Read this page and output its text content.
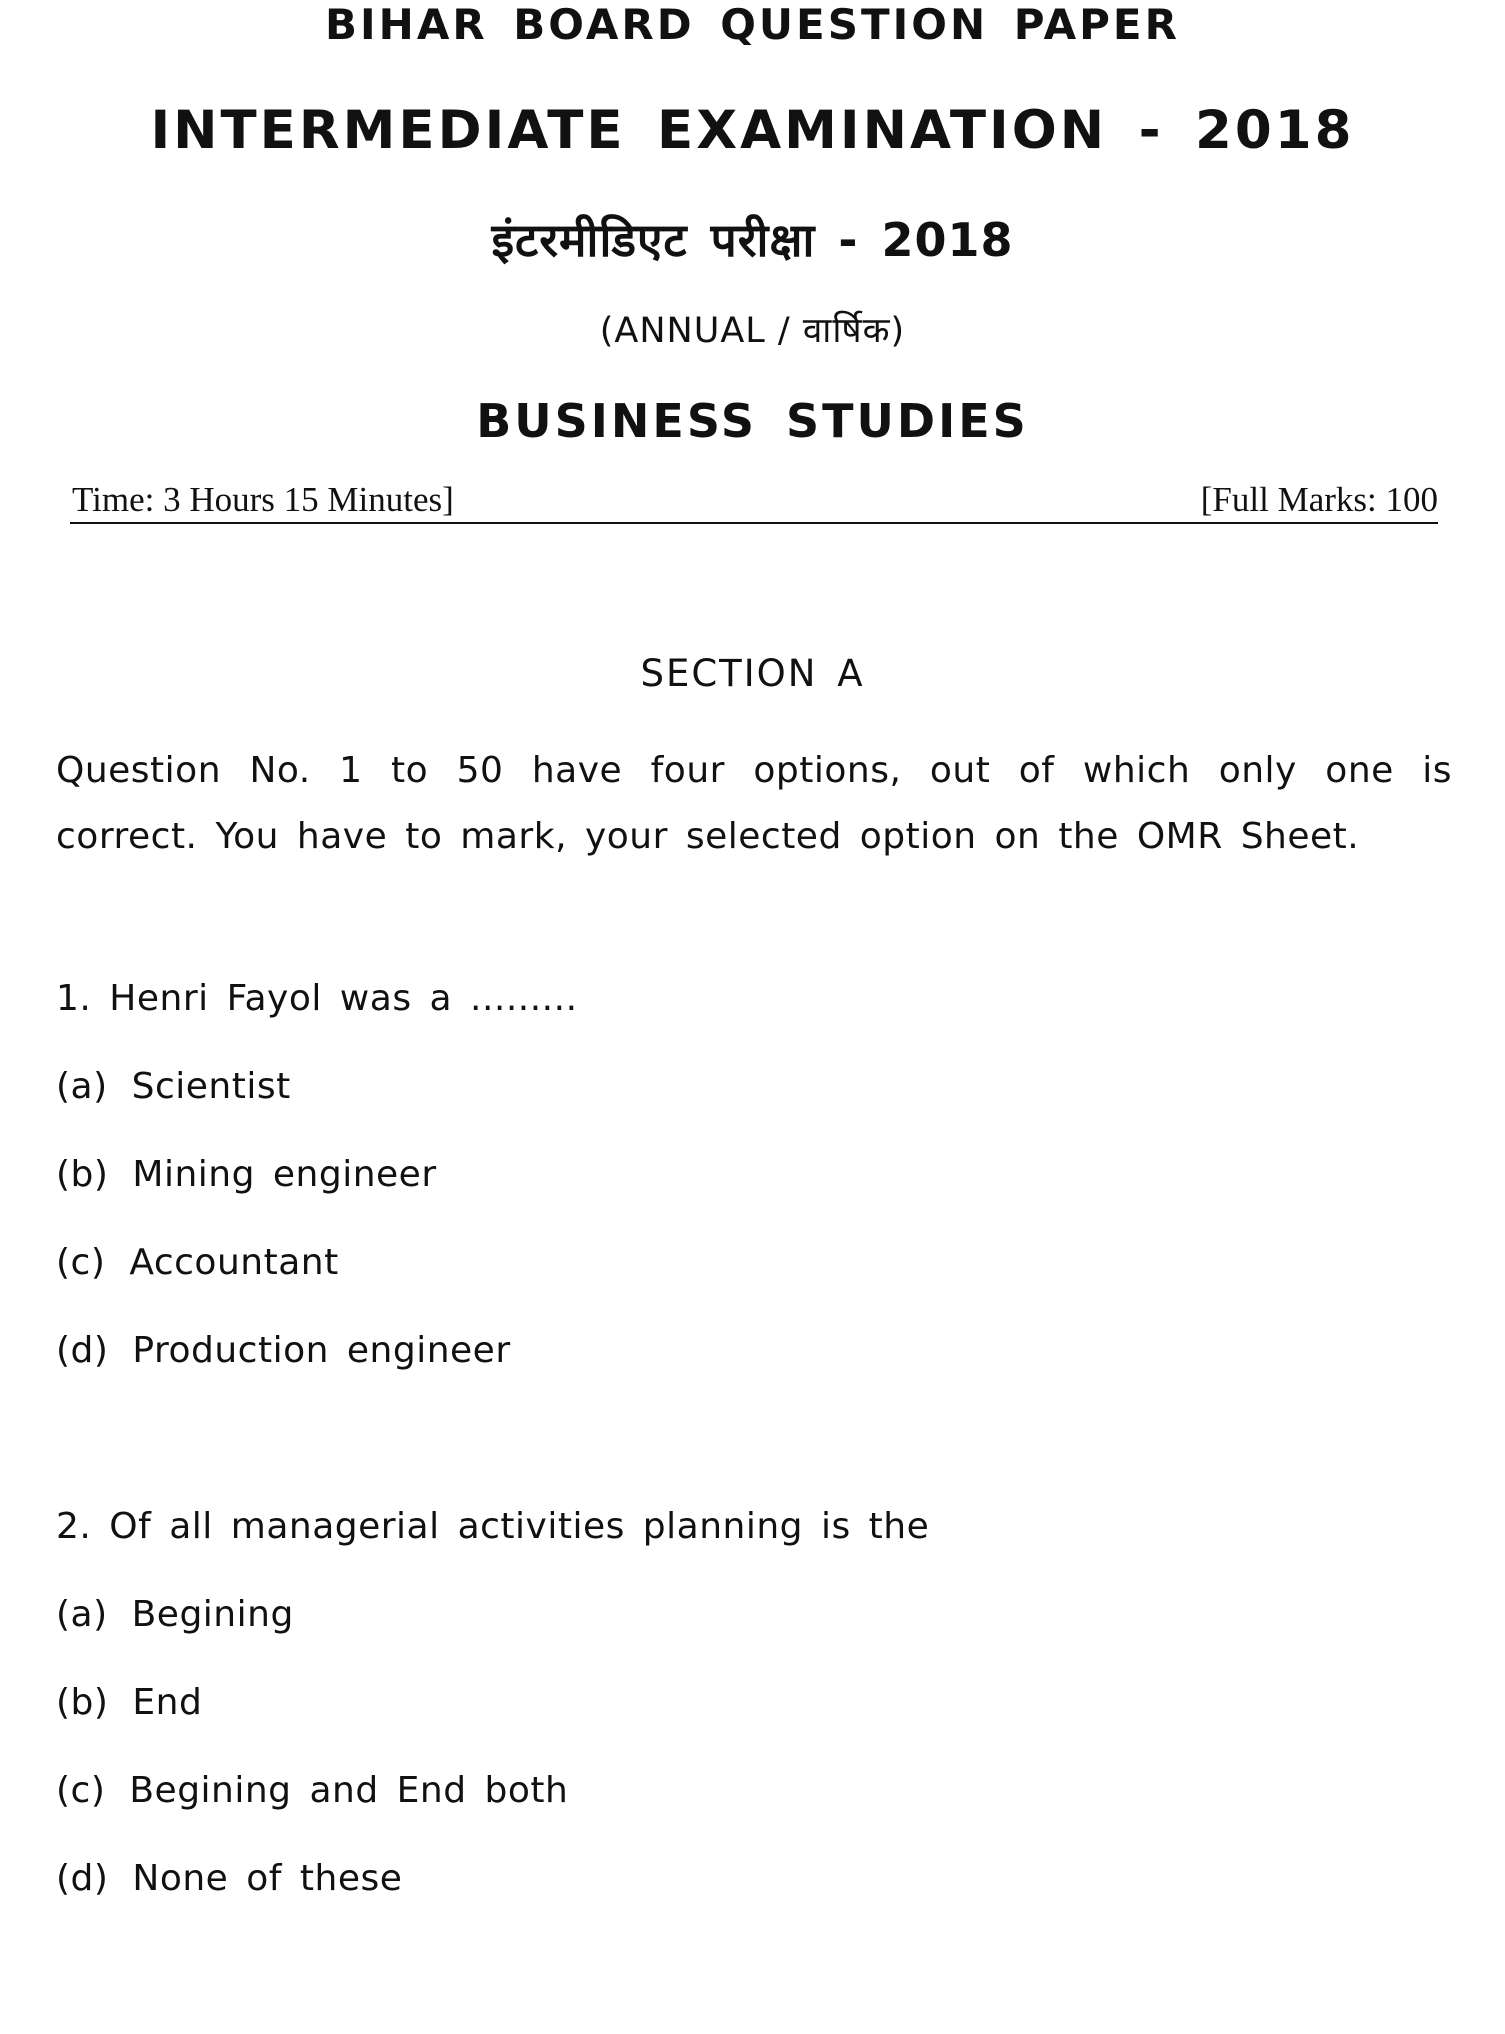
BIHAR BOARD QUESTION PAPER
INTERMEDIATE EXAMINATION - 2018
इंटरमीडिएट परीक्षा - 2018
(ANNUAL / वार्षिक)
BUSINESS STUDIES
Time: 3 Hours 15 Minutes]	[Full Marks: 100
SECTION A
Question No. 1 to 50 have four options, out of which only one is correct. You have to mark, your selected option on the OMR Sheet.
1. Henri Fayol was a .........
(a) Scientist
(b) Mining engineer
(c) Accountant
(d) Production engineer
2. Of all managerial activities planning is the
(a) Begining
(b) End
(c) Begining and End both
(d) None of these
